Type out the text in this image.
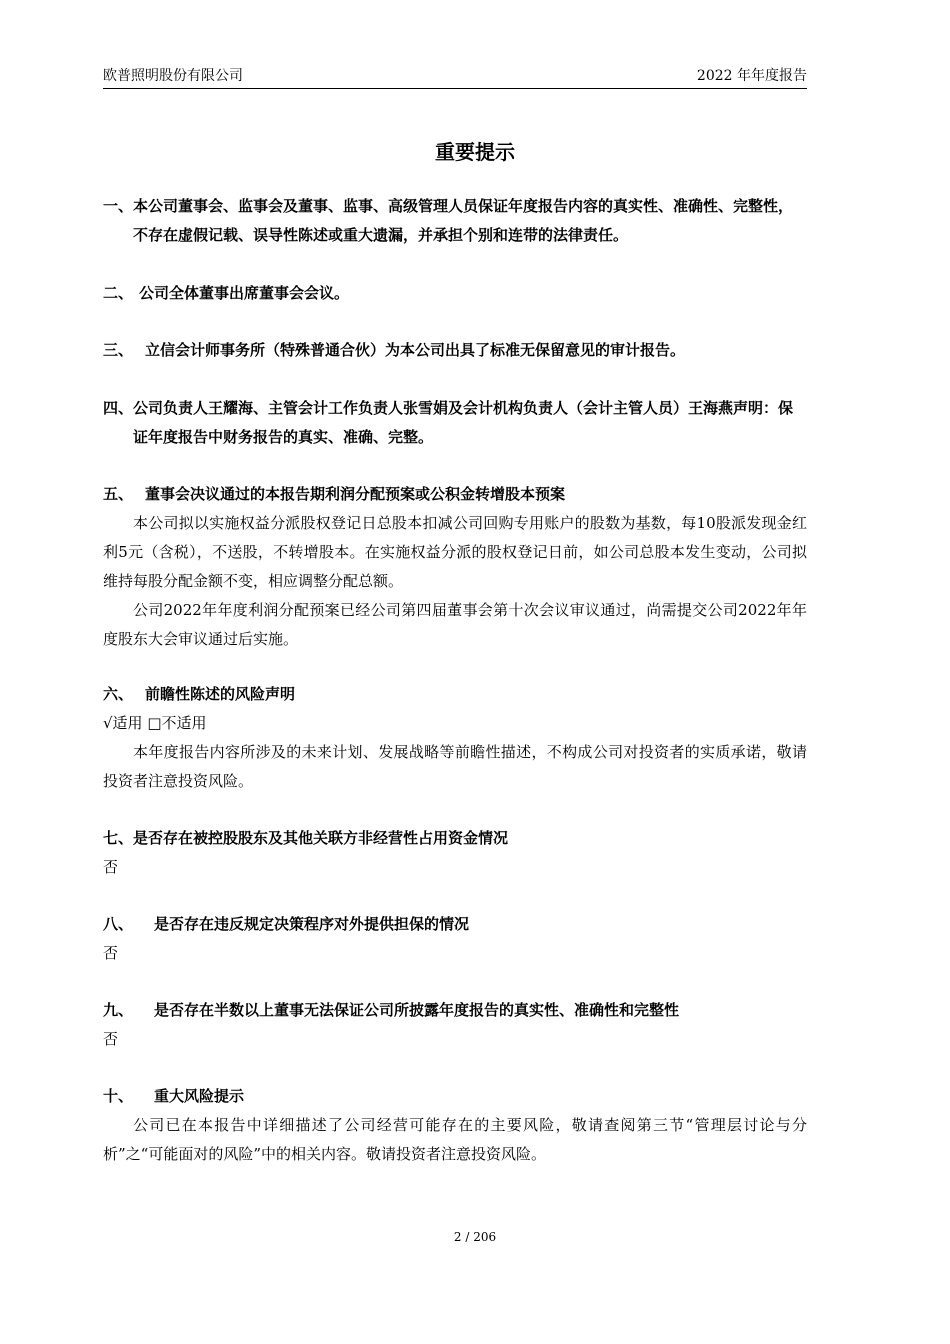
欧普照明股份有限公司	2022 年年度报告
重要提示
一、 本公司董事会、监事会及董事、监事、高级管理人员保证年度报告内容的真实性、准确性、完整性，不存在虚假记载、误导性陈述或重大遗漏，并承担个别和连带的法律责任。
二、 公司全体董事出席董事会会议。
三、 立信会计师事务所（特殊普通合伙）为本公司出具了标准无保留意见的审计报告。
四、 公司负责人王耀海、主管会计工作负责人张雪娟及会计机构负责人（会计主管人员）王海燕声明：保证年度报告中财务报告的真实、准确、完整。
五、 董事会决议通过的本报告期利润分配预案或公积金转增股本预案
本公司拟以实施权益分派股权登记日总股本扣减公司回购专用账户的股数为基数，每10股派发现金红利5元（含税），不送股，不转增股本。在实施权益分派的股权登记日前，如公司总股本发生变动，公司拟维持每股分配金额不变，相应调整分配总额。
公司2022年年度利润分配预案已经公司第四届董事会第十次会议审议通过，尚需提交公司2022年年度股东大会审议通过后实施。
六、 前瞻性陈述的风险声明
√适用 □不适用
本年度报告内容所涉及的未来计划、发展战略等前瞻性描述，不构成公司对投资者的实质承诺，敬请投资者注意投资风险。
七、 是否存在被控股股东及其他关联方非经营性占用资金情况
否
八、	是否存在违反规定决策程序对外提供担保的情况
否
九、	是否存在半数以上董事无法保证公司所披露年度报告的真实性、准确性和完整性
否
十、	重大风险提示
公司已在本报告中详细描述了公司经营可能存在的主要风险，敬请查阅第三节“管理层讨论与分析”之“可能面对的风险”中的相关内容。敬请投资者注意投资风险。
2 / 206
